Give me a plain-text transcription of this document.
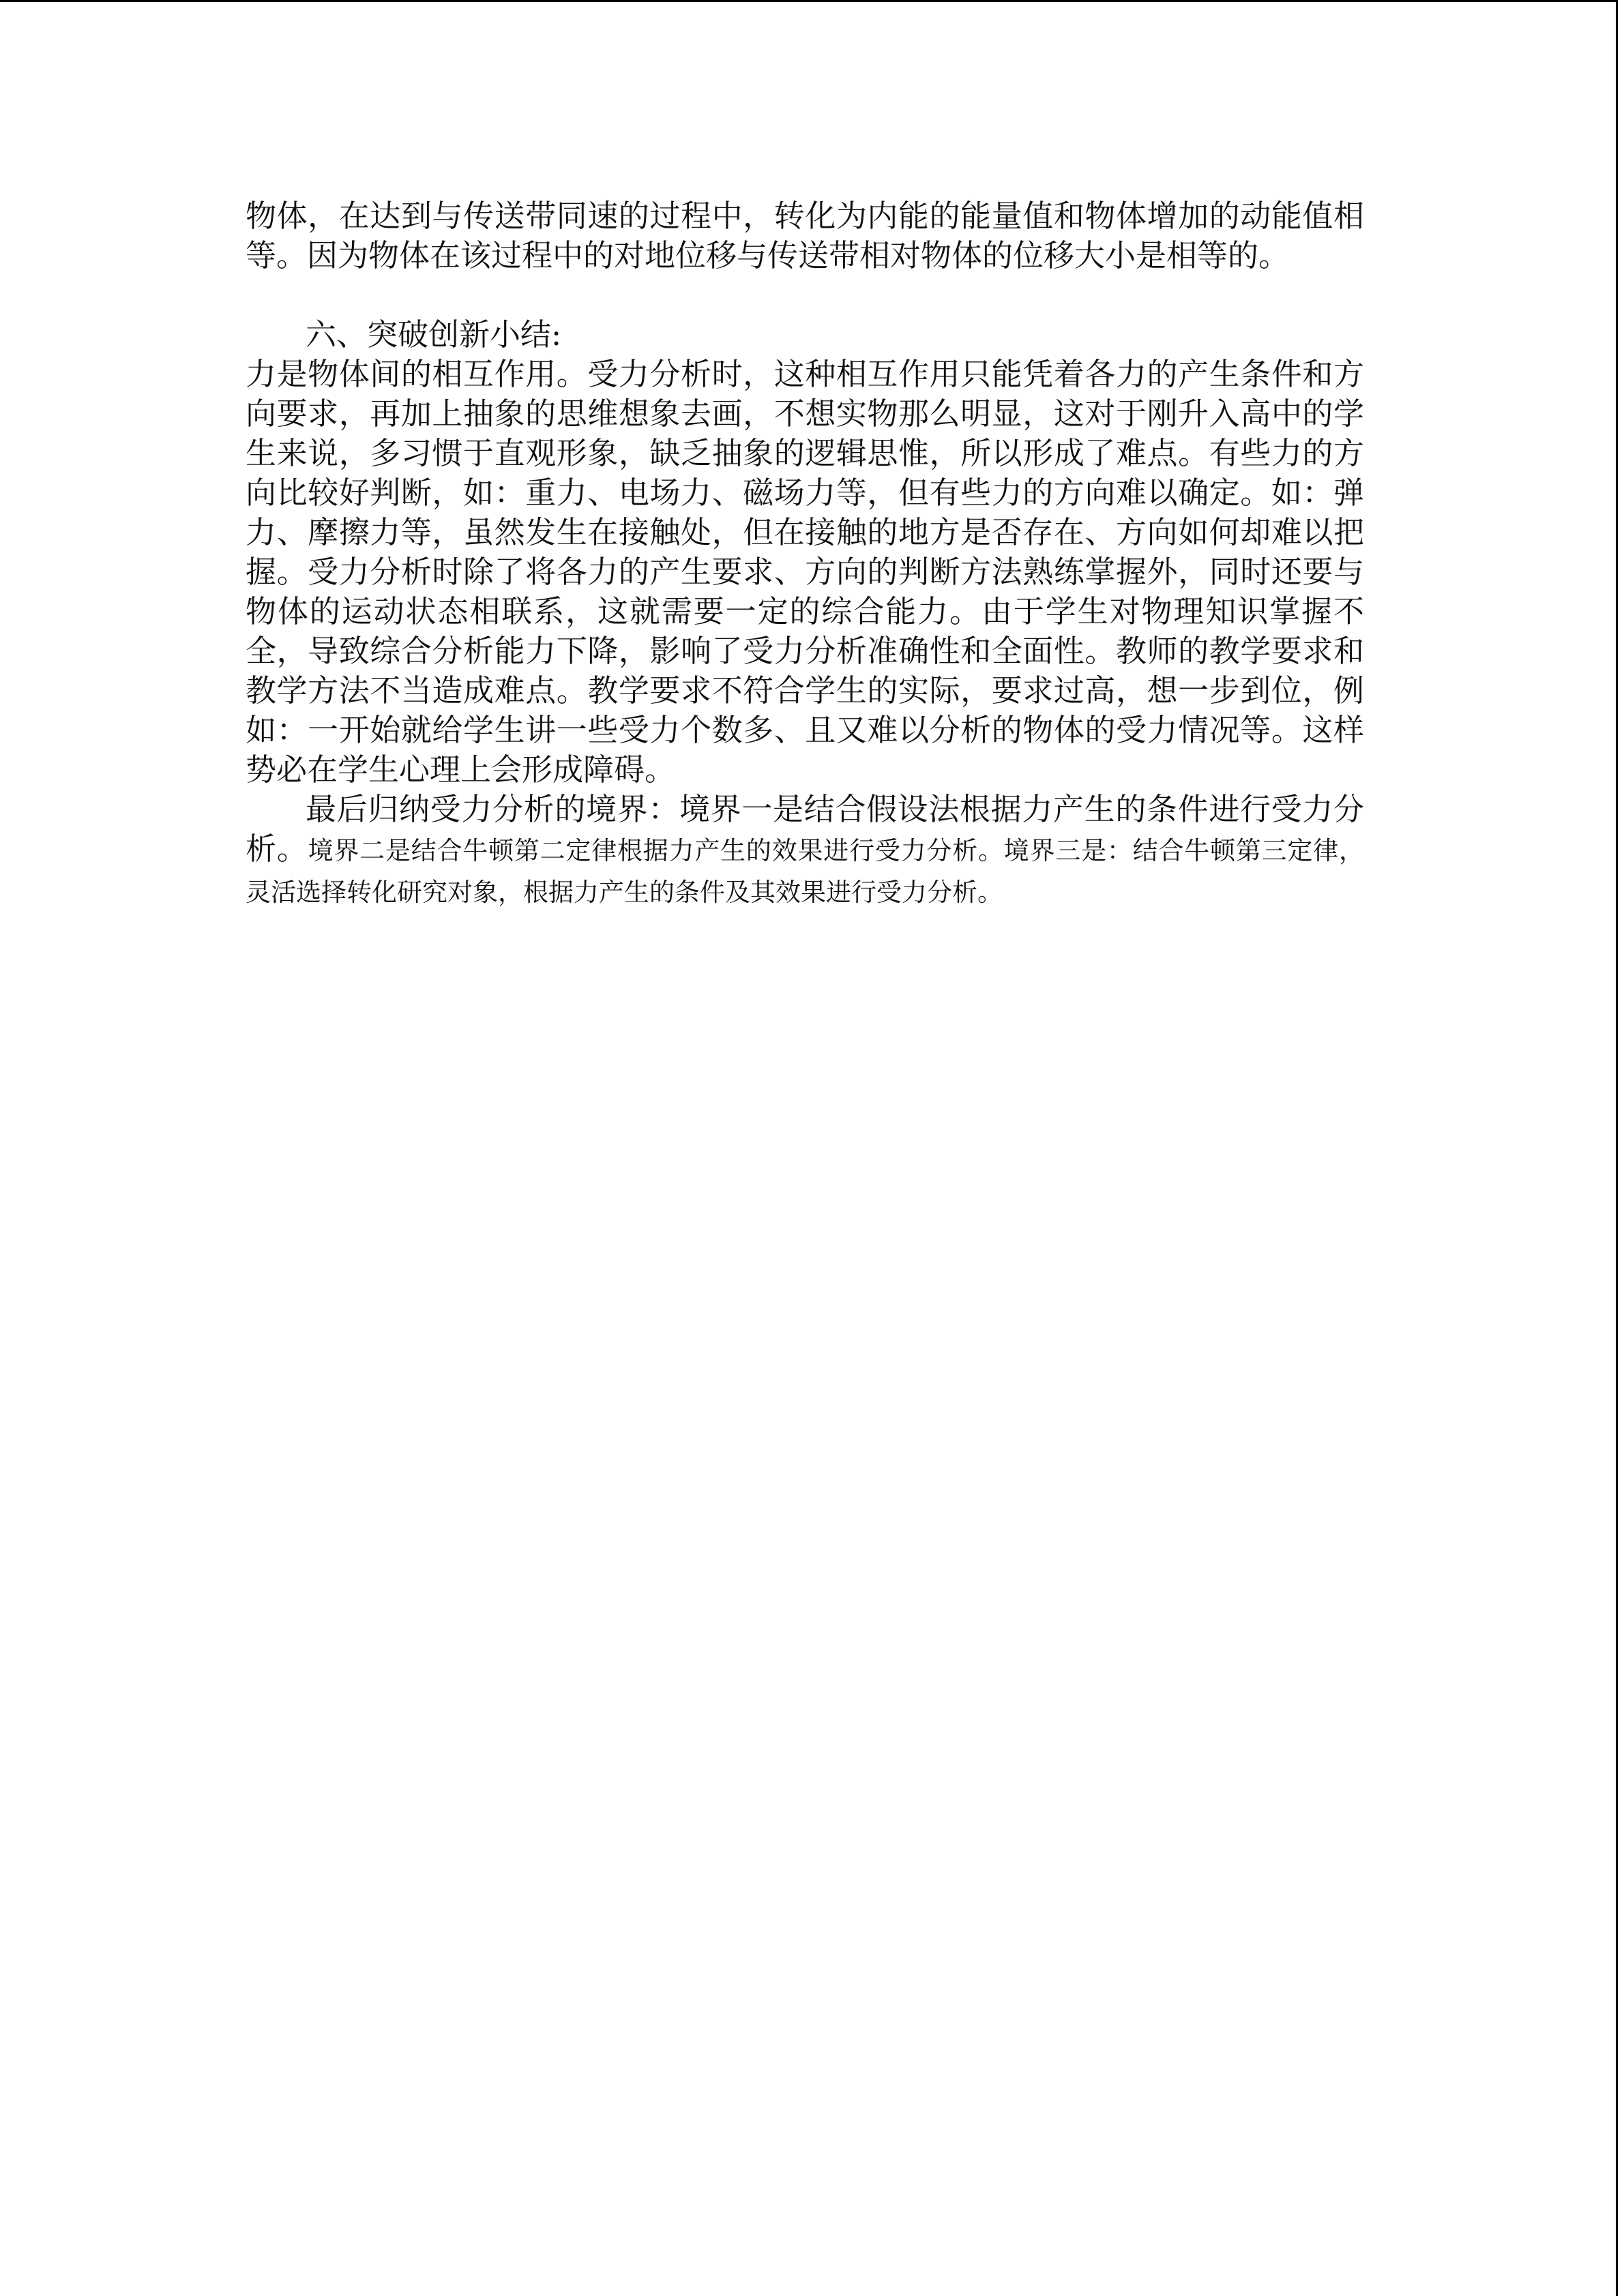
物体，在达到与传送带同速的过程中，转化为内能的能量值和物体增加的动能值相等。因为物体在该过程中的对地位移与传送带相对物体的位移大小是相等的。

六、突破创新小结:

力是物体间的相互作用。受力分析时，这种相互作用只能凭着各力的产生条件和方向要求，再加上抽象的思维想象去画，不想实物那么明显，这对于刚升入高中的学生来说，多习惯于直观形象，缺乏抽象的逻辑思惟，所以形成了难点。有些力的方向比较好判断，如：重力、电场力、磁场力等，但有些力的方向难以确定。如：弹力、摩擦力等，虽然发生在接触处，但在接触的地方是否存在、方向如何却难以把握。受力分析时除了将各力的产生要求、方向的判断方法熟练掌握外，同时还要与物体的运动状态相联系，这就需要一定的综合能力。由于学生对物理知识掌握不全，导致综合分析能力下降，影响了受力分析准确性和全面性。教师的教学要求和教学方法不当造成难点。教学要求不符合学生的实际，要求过高，想一步到位，例如：一开始就给学生讲一些受力个数多、且又难以分析的物体的受力情况等。这样势必在学生心理上会形成障碍。

最后归纳受力分析的境界：境界一是结合假设法根据力产生的条件进行受力分析。境界二是结合牛顿第二定律根据力产生的效果进行受力分析。境界三是：结合牛顿第三定律，灵活选择转化研究对象，根据力产生的条件及其效果进行受力分析。
